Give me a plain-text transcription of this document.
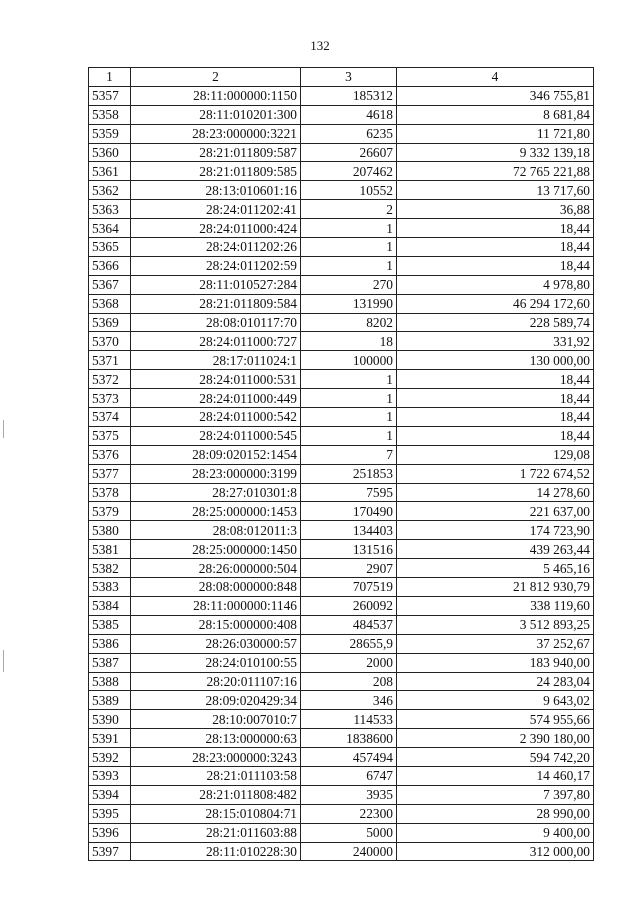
132
1	2	3	4
5357	28:11:000000:1150	185312	346 755,81
5358	28:11:010201:300	4618	8 681,84
5359	28:23:000000:3221	6235	11 721,80
5360	28:21:011809:587	26607	9 332 139,18
5361	28:21:011809:585	207462	72 765 221,88
5362	28:13:010601:16	10552	13 717,60
5363	28:24:011202:41	2	36,88
5364	28:24:011000:424	1	18,44
5365	28:24:011202:26	1	18,44
5366	28:24:011202:59	1	18,44
5367	28:11:010527:284	270	4 978,80
5368	28:21:011809:584	131990	46 294 172,60
5369	28:08:010117:70	8202	228 589,74
5370	28:24:011000:727	18	331,92
5371	28:17:011024:1	100000	130 000,00
5372	28:24:011000:531	1	18,44
5373	28:24:011000:449	1	18,44
5374	28:24:011000:542	1	18,44
5375	28:24:011000:545	1	18,44
5376	28:09:020152:1454	7	129,08
5377	28:23:000000:3199	251853	1 722 674,52
5378	28:27:010301:8	7595	14 278,60
5379	28:25:000000:1453	170490	221 637,00
5380	28:08:012011:3	134403	174 723,90
5381	28:25:000000:1450	131516	439 263,44
5382	28:26:000000:504	2907	5 465,16
5383	28:08:000000:848	707519	21 812 930,79
5384	28:11:000000:1146	260092	338 119,60
5385	28:15:000000:408	484537	3 512 893,25
5386	28:26:030000:57	28655,9	37 252,67
5387	28:24:010100:55	2000	183 940,00
5388	28:20:011107:16	208	24 283,04
5389	28:09:020429:34	346	9 643,02
5390	28:10:007010:7	114533	574 955,66
5391	28:13:000000:63	1838600	2 390 180,00
5392	28:23:000000:3243	457494	594 742,20
5393	28:21:011103:58	6747	14 460,17
5394	28:21:011808:482	3935	7 397,80
5395	28:15:010804:71	22300	28 990,00
5396	28:21:011603:88	5000	9 400,00
5397	28:11:010228:30	240000	312 000,00
